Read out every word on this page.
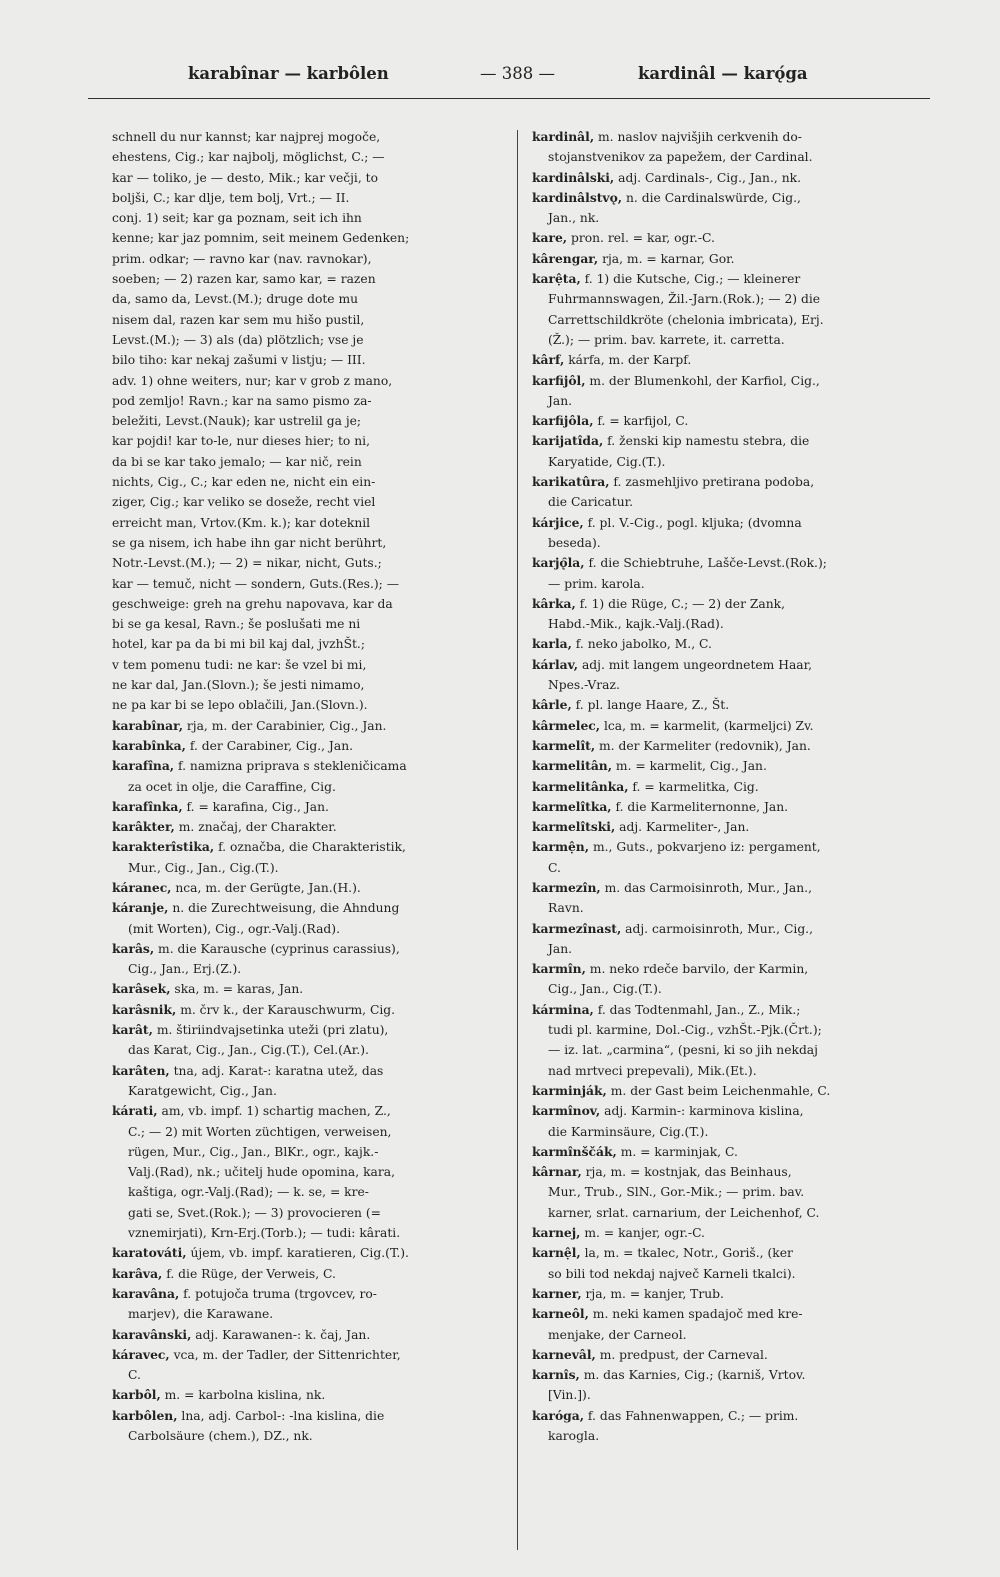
karabînar — karbôlen	— 388 —	kardinâl — karǫ́ga
schnell du nur kannst; kar najprej mogoče,
ehestens, Cig.; kar najbolj, möglichst, C.; —
kar — toliko, je — desto, Mik.; kar večji, to
boljši, C.; kar dlje, tem bolj, Vrt.; — II.
conj. 1) seit; kar ga poznam, seit ich ihn
kenne; kar jaz pomnim, seit meinem Gedenken;
prim. odkar; — ravno kar (nav. ravnokar),
soeben; — 2) razen kar, samo kar, = razen
da, samo da, Levst.(M.); druge dote mu
nisem dal, razen kar sem mu hišo pustil,
Levst.(M.); — 3) als (da) plötzlich; vse je
bilo tiho: kar nekaj zašumi v listju; — III.
adv. 1) ohne weiters, nur; kar v grob z mano,
pod zemljo! Ravn.; kar na samo pismo za-
beležiti, Levst.(Nauk); kar ustrelil ga je;
kar pojdi! kar to-le, nur dieses hier; to ni,
da bi se kar tako jemalo; — kar nič, rein
nichts, Cig., C.; kar eden ne, nicht ein ein-
ziger, Cig.; kar veliko se doseže, recht viel
erreicht man, Vrtov.(Km. k.); kar doteknil
se ga nisem, ich habe ihn gar nicht berührt,
Notr.-Levst.(M.); — 2) = nikar, nicht, Guts.;
kar — temuč, nicht — sondern, Guts.(Res.); —
geschweige: greh na grehu napovava, kar da
bi se ga kesal, Ravn.; še poslušati me ni
hotel, kar pa da bi mi bil kaj dal, jvzhŠt.;
v tem pomenu tudi: ne kar: še vzel bi mi,
ne kar dal, Jan.(Slovn.); še jesti nimamo,
ne pa kar bi se lepo oblačili, Jan.(Slovn.).
karabînar, rja, m. der Carabinier, Cig., Jan.
karabînka, f. der Carabiner, Cig., Jan.
karafîna, f. namizna priprava s stekleničicama
za ocet in olje, die Caraffine, Cig.
karafînka, f. = karafina, Cig., Jan.
karâkter, m. značaj, der Charakter.
karakterîstika, f. označba, die Charakteristik,
Mur., Cig., Jan., Cig.(T.).
káranec, nca, m. der Gerügte, Jan.(H.).
káranje, n. die Zurechtweisung, die Ahndung
(mit Worten), Cig., ogr.-Valj.(Rad).
karâs, m. die Karausche (cyprinus carassius),
Cig., Jan., Erj.(Z.).
karâsek, ska, m. = karas, Jan.
karâsnik, m. črv k., der Karauschwurm, Cig.
karât, m. štiriindvajsetinka uteži (pri zlatu),
das Karat, Cig., Jan., Cig.(T.), Cel.(Ar.).
karâten, tna, adj. Karat-: karatna utež, das
Karatgewicht, Cig., Jan.
kárati, am, vb. impf. 1) schartig machen, Z.,
C.; — 2) mit Worten züchtigen, verweisen,
rügen, Mur., Cig., Jan., BlKr., ogr., kajk.-
Valj.(Rad), nk.; učitelj hude opomina, kara,
kaštiga, ogr.-Valj.(Rad); — k. se, = kre-
gati se, Svet.(Rok.); — 3) provocieren (=
vznemirjati), Krn-Erj.(Torb.); — tudi: kârati.
karatováti, újem, vb. impf. karatieren, Cig.(T.).
karâva, f. die Rüge, der Verweis, C.
karavâna, f. potujoča truma (trgovcev, ro-
marjev), die Karawane.
karavânski, adj. Karawanen-: k. čaj, Jan.
káravec, vca, m. der Tadler, der Sittenrichter,
C.
karbôl, m. = karbolna kislina, nk.
karbôlen, lna, adj. Carbol-: -lna kislina, die
Carbolsäure (chem.), DZ., nk.
kardinâl, m. naslov najvišjih cerkvenih do-
stojanstvenikov za papežem, der Cardinal.
kardinâlski, adj. Cardinals-, Cig., Jan., nk.
kardinâlstvǫ, n. die Cardinalswürde, Cig.,
Jan., nk.
kare, pron. rel. = kar, ogr.-C.
kârengar, rja, m. = karnar, Gor.
karệta, f. 1) die Kutsche, Cig.; — kleinerer
Fuhrmannswagen, Žil.-Jarn.(Rok.); — 2) die
Carrettschildkröte (chelonia imbricata), Erj.
(Ž.); — prim. bav. karrete, it. carretta.
kârf, kárfa, m. der Karpf.
karfijôl, m. der Blumenkohl, der Karfiol, Cig.,
Jan.
karfijôla, f. = karfijol, C.
karijatîda, f. ženski kip namestu stebra, die
Karyatide, Cig.(T.).
karikatûra, f. zasmehljivo pretirana podoba,
die Caricatur.
kárjice, f. pl. V.-Cig., pogl. kljuka; (dvomna
beseda).
karjǫ̑la, f. die Schiebtruhe, Lašče-Levst.(Rok.);
— prim. karola.
kârka, f. 1) die Rüge, C.; — 2) der Zank,
Habd.-Mik., kajk.-Valj.(Rad).
karla, f. neko jabolko, M., C.
kárlav, adj. mit langem ungeordnetem Haar,
Npes.-Vraz.
kârle, f. pl. lange Haare, Z., Št.
kârmelec, lca, m. = karmelit, (karmeljci) Zv.
karmelît, m. der Karmeliter (redovnik), Jan.
karmelitân, m. = karmelit, Cig., Jan.
karmelitânka, f. = karmelitka, Cig.
karmelîtka, f. die Karmeliternonne, Jan.
karmelîtski, adj. Karmeliter-, Jan.
karmện, m., Guts., pokvarjeno iz: pergament,
C.
karmezîn, m. das Carmoisinroth, Mur., Jan.,
Ravn.
karmezînast, adj. carmoisinroth, Mur., Cig.,
Jan.
karmîn, m. neko rdeče barvilo, der Karmin,
Cig., Jan., Cig.(T.).
kármina, f. das Todtenmahl, Jan., Z., Mik.;
tudi pl. karmine, Dol.-Cig., vzhŠt.-Pjk.(Črt.);
— iz. lat. „carmina“, (pesni, ki so jih nekdaj
nad mrtveci prepevali), Mik.(Et.).
karminják, m. der Gast beim Leichenmahle, C.
karmînov, adj. Karmin-: karminova kislina,
die Karminsäure, Cig.(T.).
karmînščák, m. = karminjak, C.
kârnar, rja, m. = kostnjak, das Beinhaus,
Mur., Trub., SlN., Gor.-Mik.; — prim. bav.
karner, srlat. carnarium, der Leichenhof, C.
karnej, m. = kanjer, ogr.-C.
karnệl, la, m. = tkalec, Notr., Goriš., (ker
so bili tod nekdaj največ Karneli tkalci).
karner, rja, m. = kanjer, Trub.
karneôl, m. neki kamen spadajoč med kre-
menjake, der Carneol.
karnevâl, m. predpust, der Carneval.
karnîs, m. das Karnies, Cig.; (karniš, Vrtov.
[Vin.]).
karóga, f. das Fahnenwappen, C.; — prim.
karogla.
